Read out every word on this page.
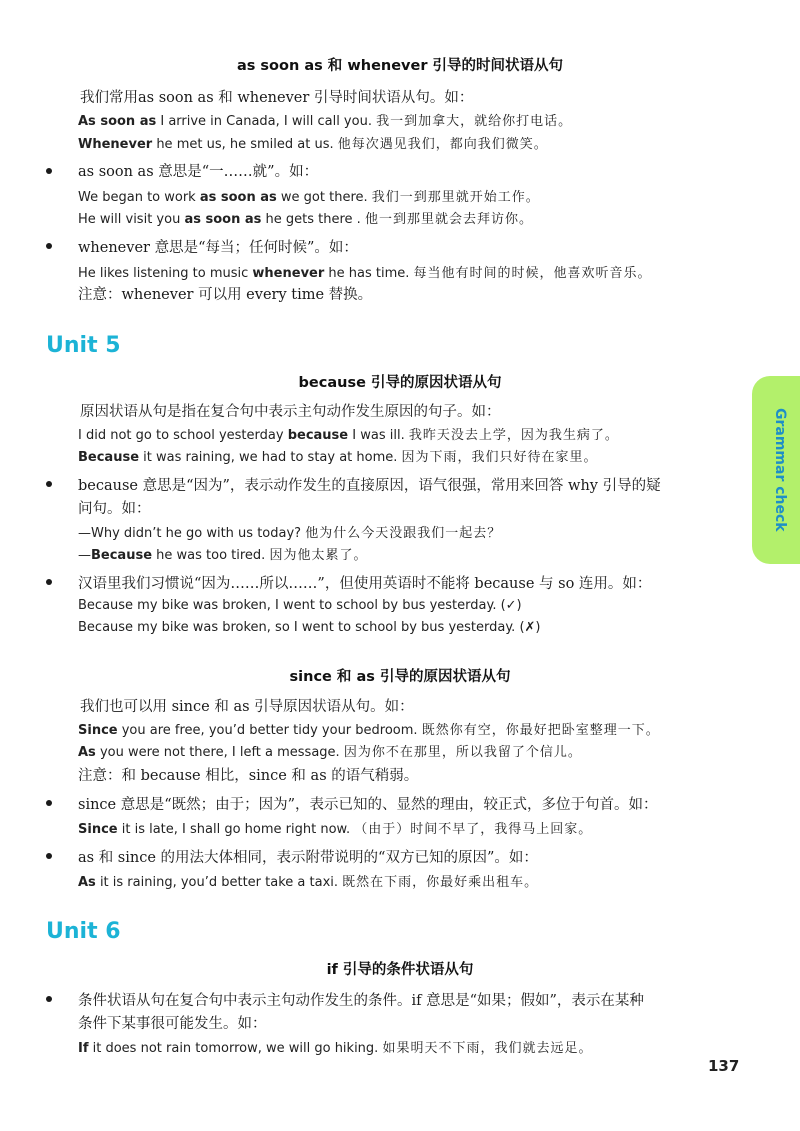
as soon as 和 whenever 引导的时间状语从句
我们常用as soon as 和 whenever 引导时间状语从句。如：
As soon as I arrive in Canada, I will call you. 我一到加拿大，就给你打电话。
Whenever he met us, he smiled at us. 他每次遇见我们，都向我们微笑。
as soon as 意思是“一……就”。如：
We began to work as soon as we got there. 我们一到那里就开始工作。
He will visit you as soon as he gets there . 他一到那里就会去拜访你。
whenever 意思是“每当；任何时候”。如：
He likes listening to music whenever he has time. 每当他有时间的时候，他喜欢听音乐。
注意：whenever 可以用 every time 替换。
Unit 5
because 引导的原因状语从句
原因状语从句是指在复合句中表示主句动作发生原因的句子。如：
I did not go to school yesterday because I was ill. 我昨天没去上学，因为我生病了。
Because it was raining, we had to stay at home. 因为下雨，我们只好待在家里。
because 意思是“因为”，表示动作发生的直接原因，语气很强，常用来回答 why 引导的疑
问句。如：
—Why didn’t he go with us today? 他为什么今天没跟我们一起去？
—Because he was too tired. 因为他太累了。
汉语里我们习惯说“因为……所以……”，但使用英语时不能将 because 与 so 连用。如：
Because my bike was broken, I went to school by bus yesterday. (✓)
Because my bike was broken, so I went to school by bus yesterday. (✗)
since 和 as 引导的原因状语从句
我们也可以用 since 和 as 引导原因状语从句。如：
Since you are free, you’d better tidy your bedroom. 既然你有空，你最好把卧室整理一下。
As you were not there, I left a message. 因为你不在那里，所以我留了个信儿。
注意：和 because 相比，since 和 as 的语气稍弱。
since 意思是“既然；由于；因为”，表示已知的、显然的理由，较正式，多位于句首。如：
Since it is late, I shall go home right now. （由于）时间不早了，我得马上回家。
as 和 since 的用法大体相同，表示附带说明的“双方已知的原因”。如：
As it is raining, you’d better take a taxi. 既然在下雨，你最好乘出租车。
Unit 6
if 引导的条件状语从句
条件状语从句在复合句中表示主句动作发生的条件。if 意思是“如果；假如”，表示在某种
条件下某事很可能发生。如：
If it does not rain tomorrow, we will go hiking. 如果明天不下雨，我们就去远足。
Grammar check
137
